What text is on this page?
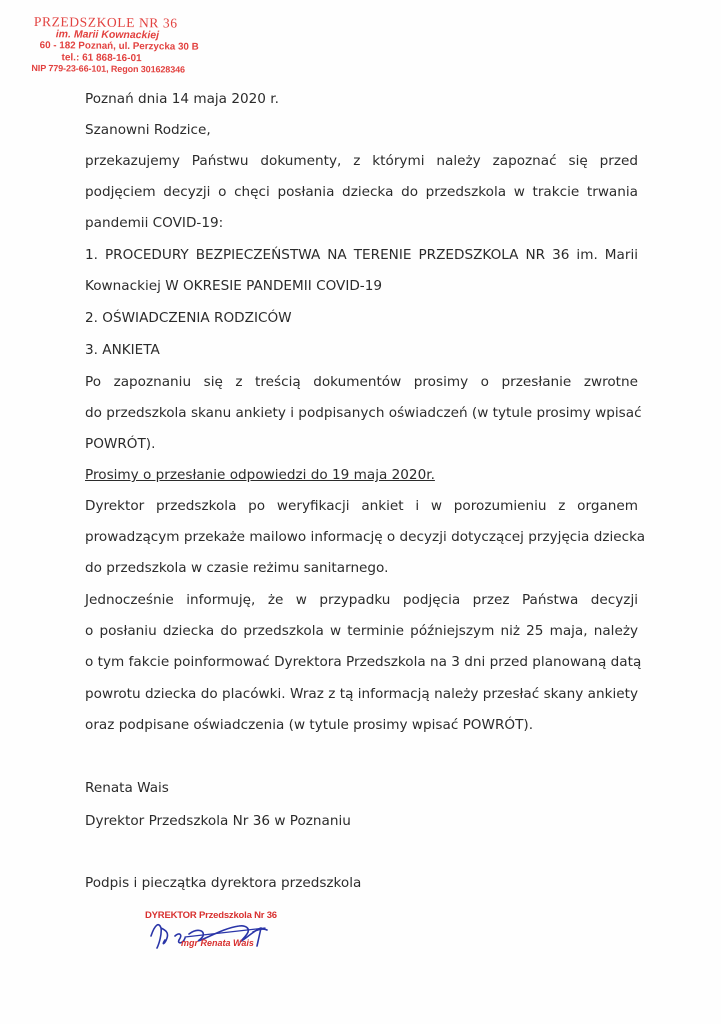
PRZEDSZKOLE NR 36
im. Marii Kownackiej
60 - 182 Poznań, ul. Perzycka 30 B
tel.: 61 868-16-01
NIP 779-23-66-101, Regon 301628346
Poznań dnia 14 maja 2020 r.
Szanowni Rodzice,
przekazujemy Państwu dokumenty, z którymi należy zapoznać się przed
podjęciem decyzji o chęci posłania dziecka do przedszkola w trakcie trwania
pandemii COVID-19:
1. PROCEDURY BEZPIECZEŃSTWA NA TERENIE PRZEDSZKOLA NR 36 im. Marii
Kownackiej W OKRESIE PANDEMII COVID-19
2. OŚWIADCZENIA RODZICÓW
3. ANKIETA
Po zapoznaniu się z treścią dokumentów prosimy o przesłanie zwrotne
do przedszkola skanu ankiety i podpisanych oświadczeń (w tytule prosimy wpisać
POWRÓT).
Prosimy o przesłanie odpowiedzi do 19 maja 2020r.
Dyrektor przedszkola po weryfikacji ankiet i w porozumieniu z organem
prowadzącym przekaże mailowo informację o decyzji dotyczącej przyjęcia dziecka
do przedszkola w czasie reżimu sanitarnego.
Jednocześnie informuję, że w przypadku podjęcia przez Państwa decyzji
o posłaniu dziecka do przedszkola w terminie późniejszym niż 25 maja, należy
o tym fakcie poinformować Dyrektora Przedszkola na 3 dni przed planowaną datą
powrotu dziecka do placówki. Wraz z tą informacją należy przesłać skany ankiety
oraz podpisane oświadczenia (w tytule prosimy wpisać POWRÓT).
Renata Wais
Dyrektor Przedszkola Nr 36 w Poznaniu
Podpis i pieczątka dyrektora przedszkola
DYREKTOR Przedszkola Nr 36
mgr Renata Wais
